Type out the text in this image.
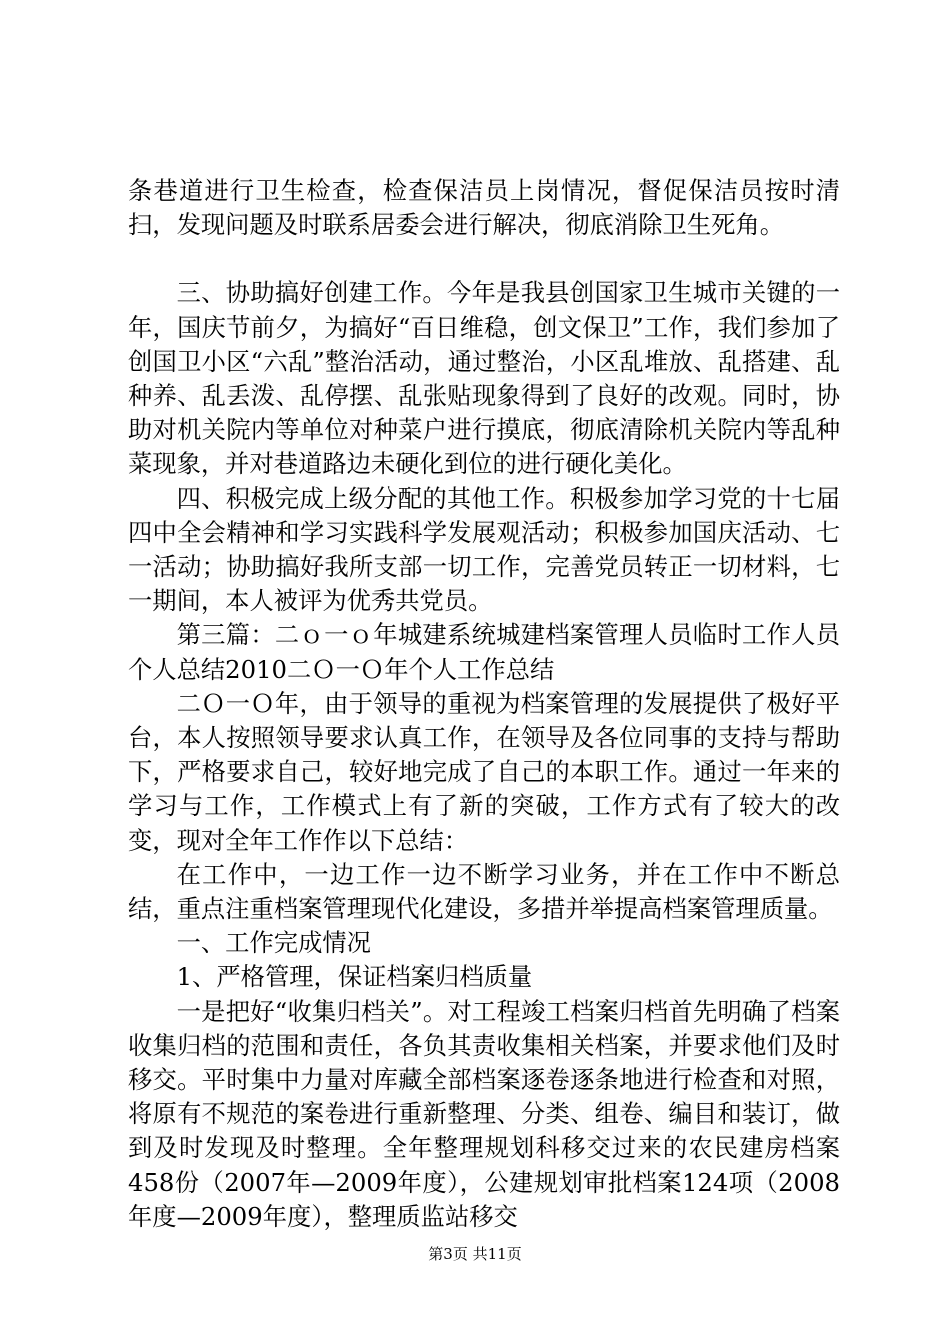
条巷道进行卫生检查，检查保洁员上岗情况，督促保洁员按时清扫，发现问题及时联系居委会进行解决，彻底消除卫生死角。

三、协助搞好创建工作。今年是我县创国家卫生城市关键的一年，国庆节前夕，为搞好“百日维稳，创文保卫”工作，我们参加了创国卫小区“六乱”整治活动，通过整治，小区乱堆放、乱搭建、乱种养、乱丢泼、乱停摆、乱张贴现象得到了良好的改观。同时，协助对机关院内等单位对种菜户进行摸底，彻底清除机关院内等乱种菜现象，并对巷道路边未硬化到位的进行硬化美化。

四、积极完成上级分配的其他工作。积极参加学习党的十七届四中全会精神和学习实践科学发展观活动；积极参加国庆活动、七一活动；协助搞好我所支部一切工作，完善党员转正一切材料，七一期间，本人被评为优秀共党员。

第三篇：二ｏ一ｏ年城建系统城建档案管理人员临时工作人员个人总结2010二Ｏ一Ｏ年个人工作总结

二Ｏ一Ｏ年，由于领导的重视为档案管理的发展提供了极好平台，本人按照领导要求认真工作，在领导及各位同事的支持与帮助下，严格要求自己，较好地完成了自己的本职工作。通过一年来的学习与工作，工作模式上有了新的突破，工作方式有了较大的改变，现对全年工作作以下总结：

在工作中，一边工作一边不断学习业务，并在工作中不断总结，重点注重档案管理现代化建设，多措并举提高档案管理质量。

一、工作完成情况

1、严格管理，保证档案归档质量

一是把好“收集归档关”。对工程竣工档案归档首先明确了档案收集归档的范围和责任，各负其责收集相关档案，并要求他们及时移交。平时集中力量对库藏全部档案逐卷逐条地进行检查和对照，将原有不规范的案卷进行重新整理、分类、组卷、编目和装订，做到及时发现及时整理。全年整理规划科移交过来的农民建房档案458份（2007年—2009年度），公建规划审批档案124项（2008年度—2009年度），整理质监站移交

第3页 共11页
